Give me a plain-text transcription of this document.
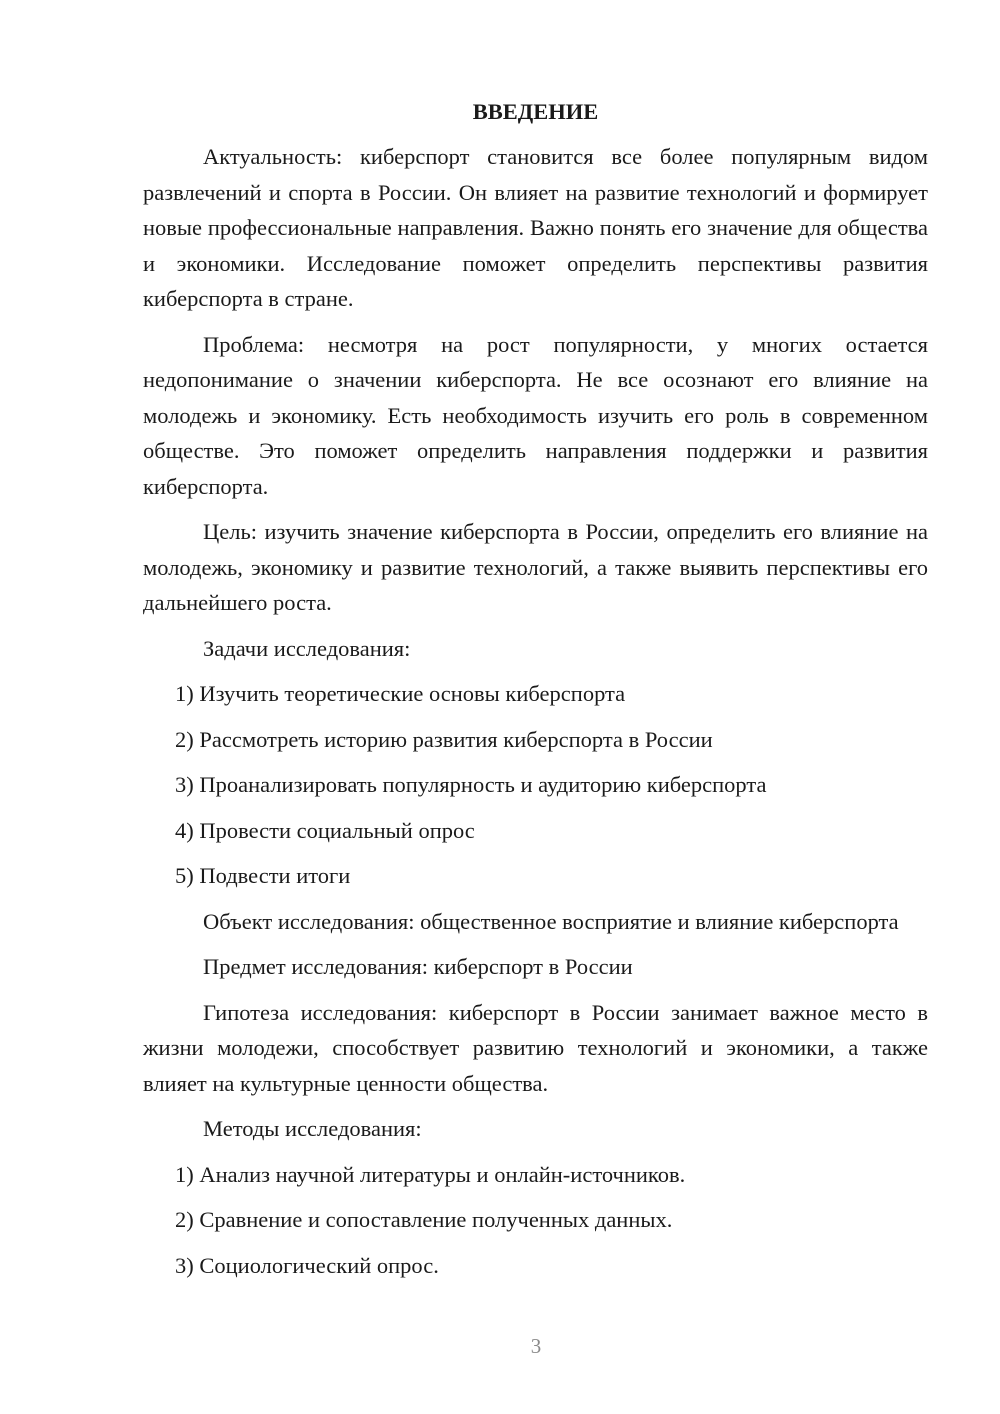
ВВЕДЕНИЕ

Актуальность: киберспорт становится все более популярным видом развлечений и спорта в России. Он влияет на развитие технологий и формирует новые профессиональные направления. Важно понять его значение для общества и экономики. Исследование поможет определить перспективы развития киберспорта в стране.

Проблема: несмотря на рост популярности, у многих остается недопонимание о значении киберспорта. Не все осознают его влияние на молодежь и экономику. Есть необходимость изучить его роль в современном обществе. Это поможет определить направления поддержки и развития киберспорта.

Цель: изучить значение киберспорта в России, определить его влияние на молодежь, экономику и развитие технологий, а также выявить перспективы его дальнейшего роста.

Задачи исследования:

1) Изучить теоретические основы киберспорта
2) Рассмотреть историю развития киберспорта в России
3) Проанализировать популярность и аудиторию киберспорта
4) Провести социальный опрос
5) Подвести итоги

Объект исследования: общественное восприятие и влияние киберспорта

Предмет исследования: киберспорт в России

Гипотеза исследования: киберспорт в России занимает важное место в жизни молодежи, способствует развитию технологий и экономики, а также влияет на культурные ценности общества.

Методы исследования:

1) Анализ научной литературы и онлайн-источников.
2) Сравнение и сопоставление полученных данных.
3) Социологический опрос.
3
